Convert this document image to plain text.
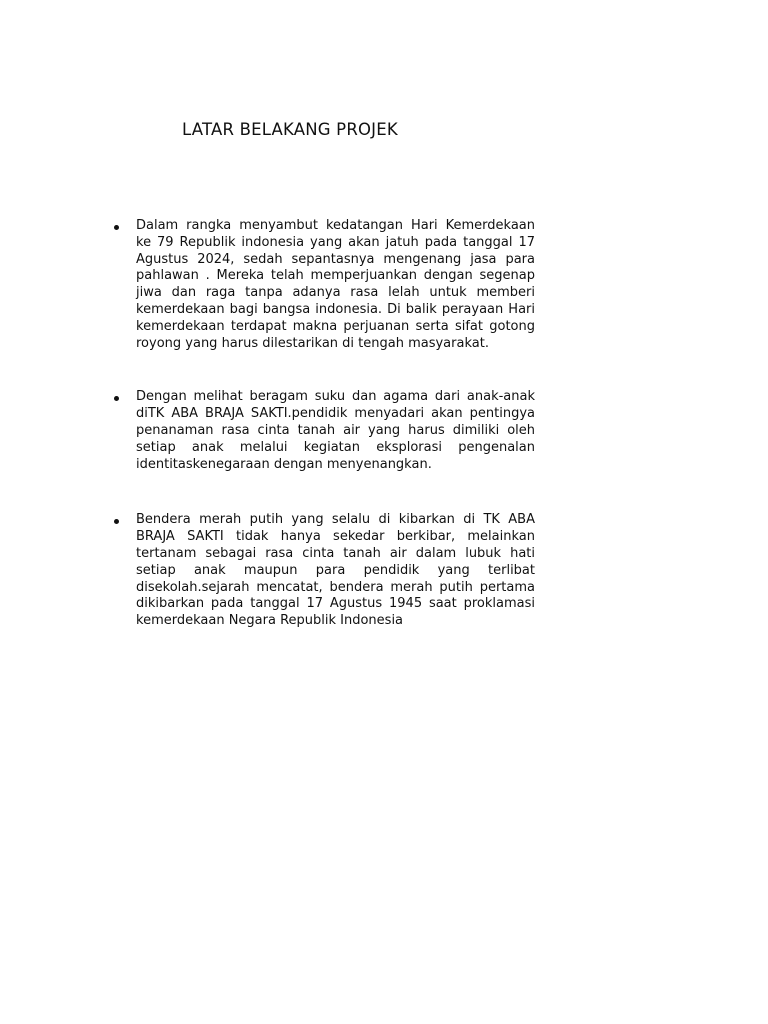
LATAR BELAKANG PROJEK

Dalam rangka menyambut kedatangan Hari Kemerdekaan ke 79 Republik indonesia yang akan jatuh pada tanggal 17 Agustus 2024, sedah sepantasnya mengenang jasa para pahlawan . Mereka telah memperjuankan dengan segenap jiwa dan raga tanpa adanya rasa lelah untuk memberi kemerdekaan bagi bangsa indonesia. Di balik perayaan Hari kemerdekaan terdapat makna perjuanan serta sifat gotong royong yang harus dilestarikan di tengah masyarakat.

Dengan melihat beragam suku dan agama dari anak-anak diTK ABA BRAJA SAKTI.pendidik menyadari akan pentingya penanaman rasa cinta tanah air yang harus dimiliki oleh setiap anak melalui kegiatan eksplorasi pengenalan identitaskenegaraan dengan menyenangkan.

Bendera merah putih yang selalu di kibarkan di TK ABA BRAJA SAKTI tidak hanya sekedar berkibar, melainkan tertanam sebagai rasa cinta tanah air dalam lubuk hati setiap anak maupun para pendidik yang terlibat disekolah.sejarah mencatat, bendera merah putih pertama dikibarkan pada tanggal 17 Agustus 1945 saat proklamasi kemerdekaan Negara Republik Indonesia
